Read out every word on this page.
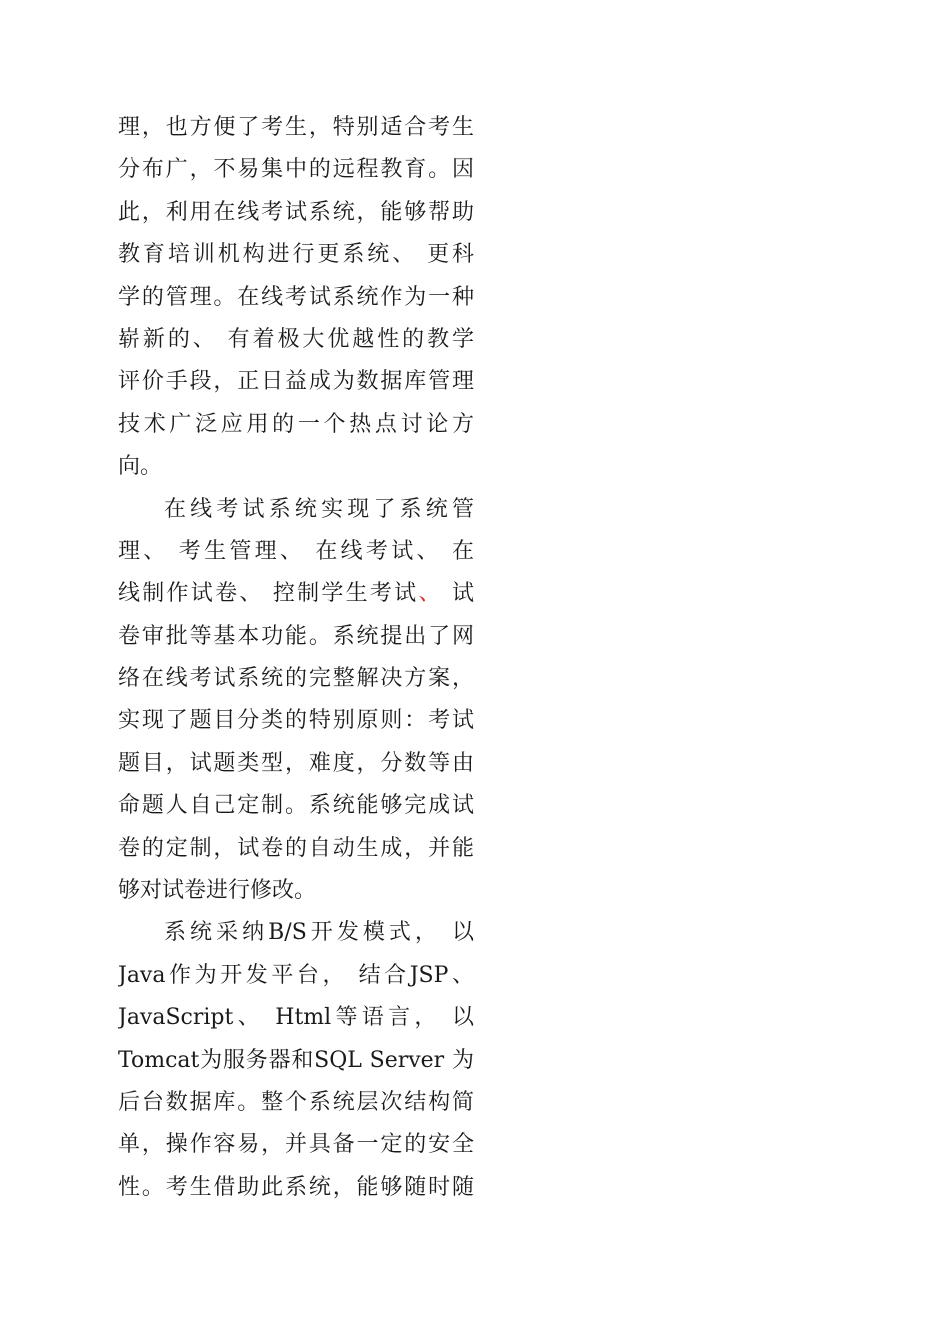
理，也方便了考生，特别适合考生
分布广，不易集中的远程教育。因
此，利用在线考试系统，能够帮助
教育培训机构进行更系统、 更科
学的管理。在线考试系统作为一种
崭新的、 有着极大优越性的教学
评价手段，正日益成为数据库管理
技术广泛应用的一个热点讨论方
向。
在线考试系统实现了系统管
理、 考生管理、 在线考试、 在
线制作试卷、 控制学生考试、 试
卷审批等基本功能。系统提出了网
络在线考试系统的完整解决方案，
实现了题目分类的特别原则：考试
题目，试题类型，难度，分数等由
命题人自己定制。系统能够完成试
卷的定制，试卷的自动生成，并能
够对试卷进行修改。
系统采纳B/S开发模式， 以
Java作为开发平台， 结合JSP、
JavaScript、 Html等语言， 以
Tomcat为服务器和SQL Server 为
后台数据库。整个系统层次结构简
单，操作容易，并具备一定的安全
性。考生借助此系统，能够随时随
